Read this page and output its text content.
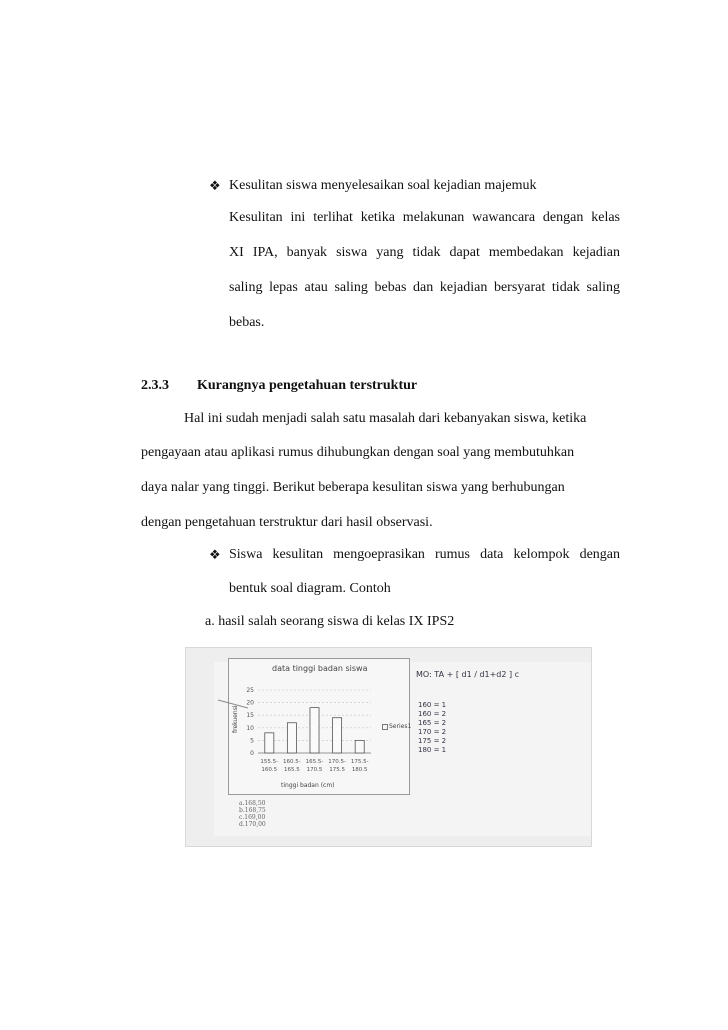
❖ Kesulitan siswa menyelesaikan soal kejadian majemuk
Kesulitan ini terlihat ketika melakunan wawancara dengan kelas
XI IPA, banyak siswa yang tidak dapat membedakan kejadian
saling lepas atau saling bebas dan kejadian bersyarat tidak saling
bebas.
2.3.3 Kurangnya pengetahuan terstruktur
Hal ini sudah menjadi salah satu masalah dari kebanyakan siswa, ketika
pengayaan atau aplikasi rumus dihubungkan dengan soal yang membutuhkan
daya nalar yang tinggi. Berikut beberapa kesulitan siswa yang berhubungan
dengan pengetahuan terstruktur dari hasil observasi.
❖ Siswa kesulitan mengoeprasikan rumus data kelompok dengan
bentuk soal diagram. Contoh
a. hasil salah seorang siswa di kelas IX IPS2
25
20
15
10
5
0
155.5-
160.5
160.5-
165.5
165.5-
170.5
170.5-
175.5
175.5-
180.5
data tinggi badan siswa
tinggi badan (cm)
frekuensi	Series1
a.168,50
b.168,75
c.169,00
d.170,00
MO: TA + [ d1 / d1+d2 ] c
160 = 1
160 = 2
165 = 2
170 = 2
175 = 2
180 = 1
